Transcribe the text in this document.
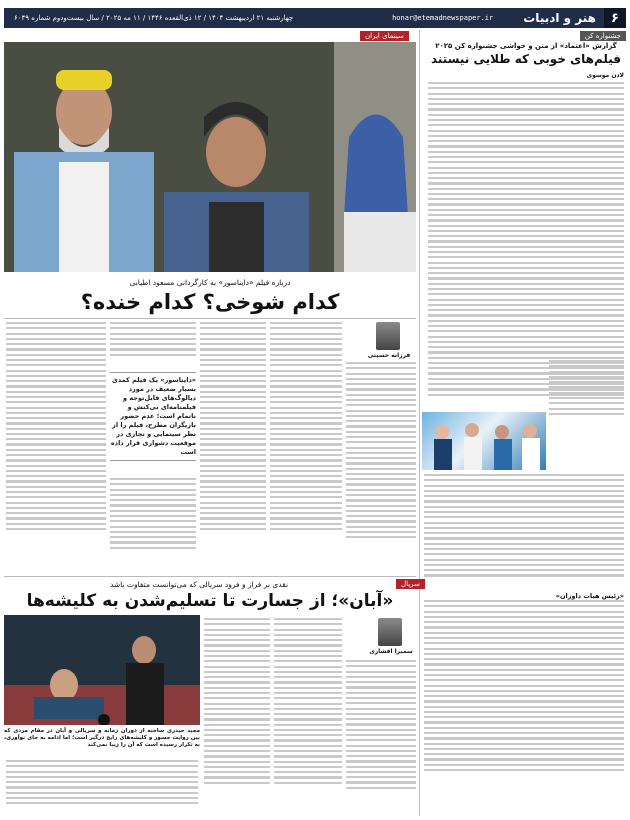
۶
هنر و ادبیات
honar@etemadnewspaper.ir
چهارشنبه ۲۱ اردیبهشت ۱۴۰۴ / ۱۲ ذی‌القعده ۱۴۴۶ / ۱۱ مه ۲۰۲۵ / سال بیست‌ودوم شماره ۶۰۴۹
جشنواره کن
گزارش «اعتماد» از متن و حواشی جشنواره کن ۲۰۲۵
فیلم‌های خوبی که طلایی نیستند
لادن موسوی
«رئیس هیات داوران»
سینمای ایران
درباره فیلم «دایناسور» به کارگردانی مسعود اطیابی
کدام شوخی؟ کدام خنده؟
فرزانه حسینی
«دایناسور» یک فیلم کمدی بسیار ضعیف در مورد دیالوگ‌های قابل‌توجه و فیلمنامه‌ای بی‌کنش و ناتمام است؛ عدم حضور بازیگران مطرح، فیلم را از نظر سینمایی و تجاری در موقعیت دشواری قرار داده است
سریال
نقدی بر فراز و فرود سریالی که می‌توانست متفاوت باشد
«آبان»؛ از جسارت تا تسلیم‌شدن به کلیشه‌ها
مجید حیدری ساخته از دوران زمانه و سریالی و آبان در مقام مردی که بین روایت جسور و کلیشه‌های رایج درگیر است؛ اما ادامه به جای نوآوری، به تکرار رسیده است که آن را زیبا نمی‌کند
سمیرا افشاری
